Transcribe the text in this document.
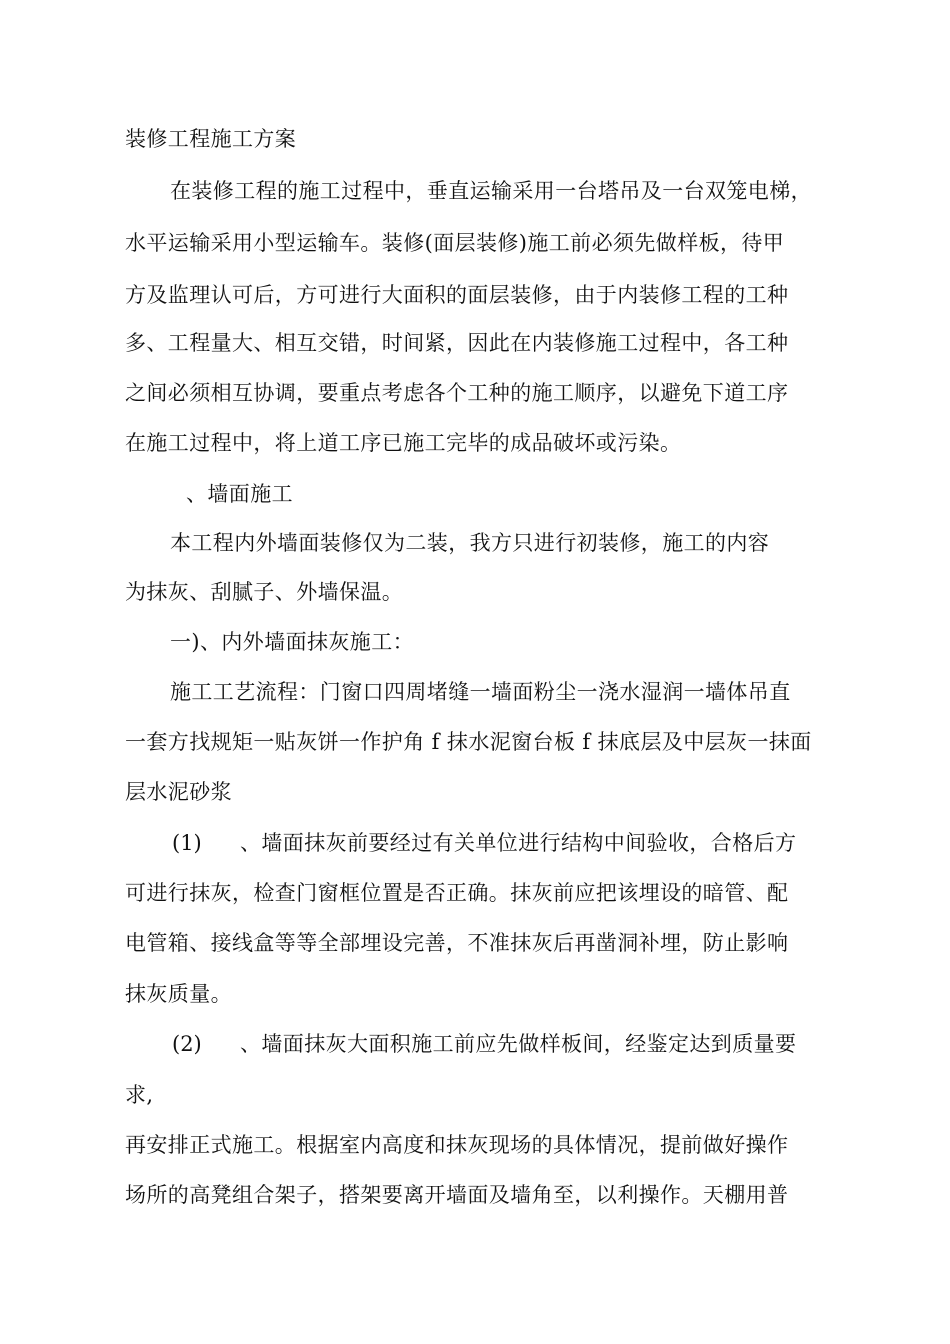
装修工程施工方案
在装修工程的施工过程中，垂直运输采用一台塔吊及一台双笼电梯，
水平运输采用小型运输车。装修(面层装修)施工前必须先做样板，待甲
方及监理认可后，方可进行大面积的面层装修，由于内装修工程的工种
多、工程量大、相互交错，时间紧，因此在内装修施工过程中，各工种
之间必须相互协调，要重点考虑各个工种的施工顺序，以避免下道工序
在施工过程中，将上道工序已施工完毕的成品破坏或污染。
、墙面施工
本工程内外墙面装修仅为二装，我方只进行初装修，施工的内容
为抹灰、刮腻子、外墙保温。
一)、内外墙面抹灰施工：
施工工艺流程：门窗口四周堵缝一墙面粉尘一浇水湿润一墙体吊直
一套方找规矩一贴灰饼一作护角 f 抹水泥窗台板 f 抹底层及中层灰一抹面
层水泥砂浆
(1) 、墙面抹灰前要经过有关单位进行结构中间验收，合格后方
可进行抹灰，检查门窗框位置是否正确。抹灰前应把该埋设的暗管、配
电管箱、接线盒等等全部埋设完善，不准抹灰后再凿洞补埋，防止影响
抹灰质量。
(2) 、墙面抹灰大面积施工前应先做样板间，经鉴定达到质量要
求,
再安排正式施工。根据室内高度和抹灰现场的具体情况，提前做好操作
场所的高凳组合架子，搭架要离开墙面及墙角至，以利操作。天棚用普
